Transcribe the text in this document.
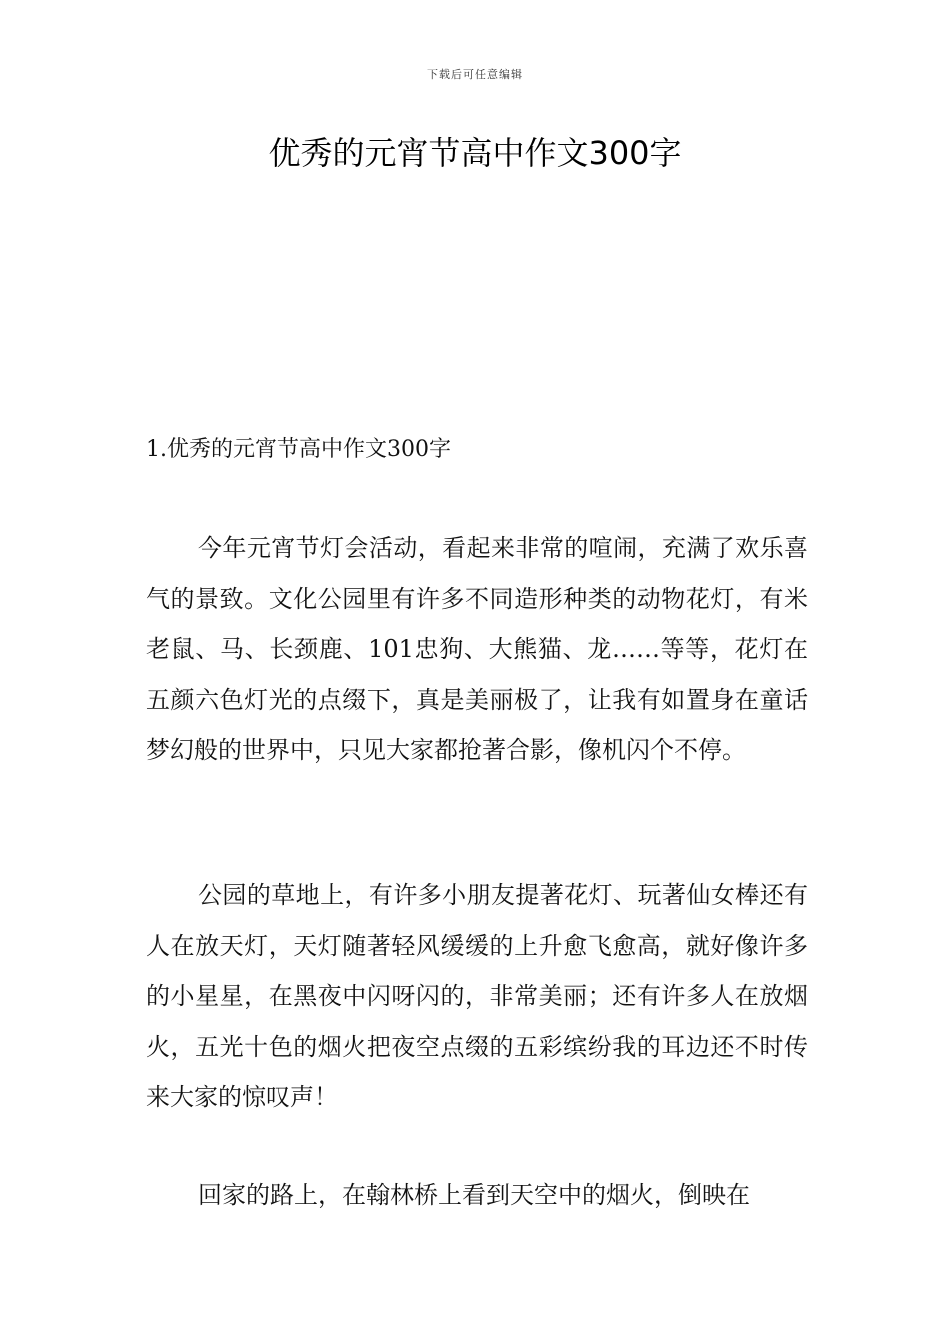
下载后可任意编辑
优秀的元宵节高中作文300字
1.优秀的元宵节高中作文300字

今年元宵节灯会活动，看起来非常的喧闹，充满了欢乐喜气的景致。文化公园里有许多不同造形种类的动物花灯，有米老鼠、马、长颈鹿、101忠狗、大熊猫、龙……等等，花灯在五颜六色灯光的点缀下，真是美丽极了，让我有如置身在童话梦幻般的世界中，只见大家都抢著合影，像机闪个不停。

公园的草地上，有许多小朋友提著花灯、玩著仙女棒还有人在放天灯，天灯随著轻风缓缓的上升愈飞愈高，就好像许多的小星星，在黑夜中闪呀闪的，非常美丽；还有许多人在放烟火，五光十色的烟火把夜空点缀的五彩缤纷我的耳边还不时传来大家的惊叹声！

回家的路上，在翰林桥上看到天空中的烟火，倒映在
